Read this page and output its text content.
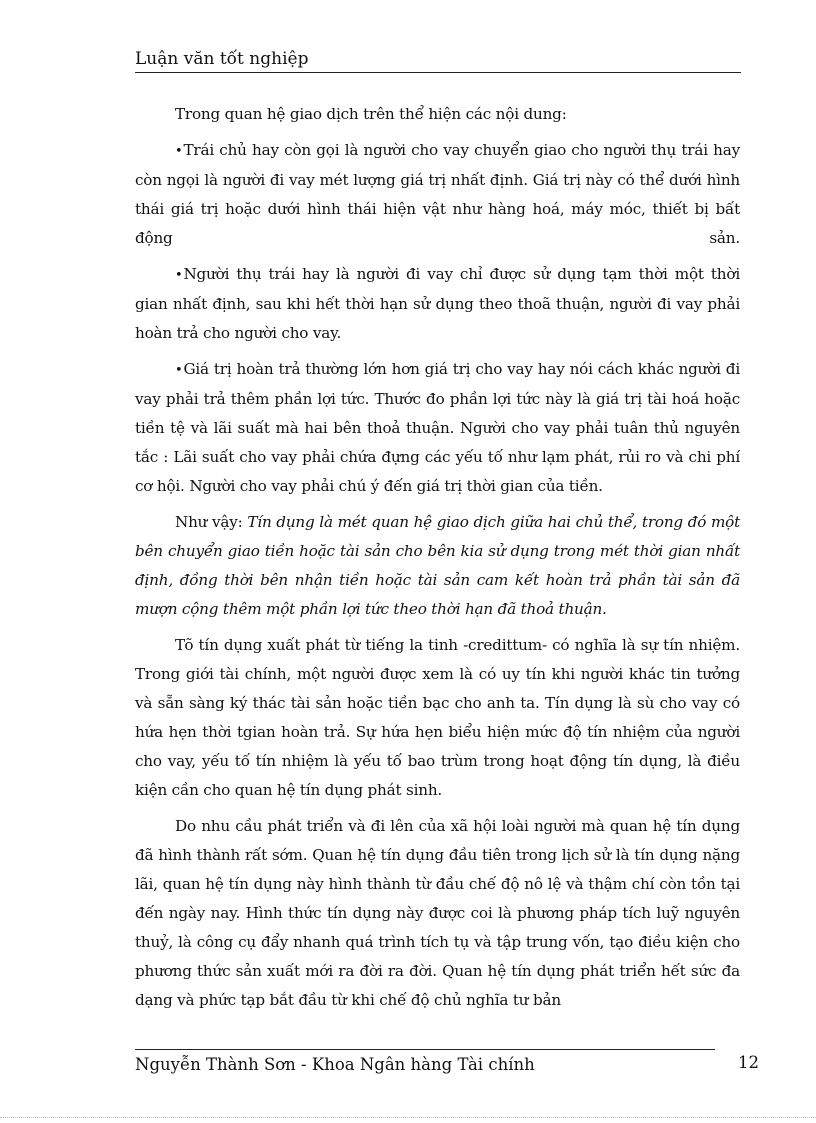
Luận văn tốt nghiệp

Trong quan hệ giao dịch trên thể hiện các nội dung:

•Trái chủ hay còn gọi là người cho vay chuyển giao cho người thụ trái hay còn ngọi là người đi vay mét lượng giá trị nhất định. Giá trị này có thể dưới hình thái giá trị hoặc dưới hình thái hiện vật như hàng hoá, máy móc, thiết bị bất động sản.

•Người thụ trái hay là người đi vay chỉ được sử dụng tạm thời một thời gian nhất định, sau khi hết thời hạn sử dụng theo thoã thuận, người đi vay phải hoàn trả cho người cho vay.

•Giá trị hoàn trả thường lớn hơn giá trị cho vay hay nói cách khác người đi vay phải trả thêm phần lợi tức. Thước đo phần lợi tức này là giá trị tài hoá hoặc tiền tệ và lãi suất mà hai bên thoả thuận. Người cho vay phải tuân thủ nguyên tắc : Lãi suất cho vay phải chứa đựng các yếu tố như lạm phát, rủi ro và chi phí cơ hội. Người cho vay phải chú ý đến giá trị thời gian của tiền.

Như vậy: Tín dụng là mét quan hệ giao dịch giữa hai chủ thể, trong đó một bên chuyển giao tiền hoặc tài sản cho bên kia sử dụng trong mét thời gian nhất định, đồng thời bên nhận tiền hoặc tài sản cam kết hoàn trả phần tài sản đã mượn cộng thêm một phần lợi tức theo thời hạn đã thoả thuận.

Tõ tín dụng xuất phát từ tiếng la tinh -credittum- có nghĩa là sự tín nhiệm. Trong giới tài chính, một người được xem là có uy tín khi người khác tin tưởng và sẵn sàng ký thác tài sản hoặc tiền bạc cho anh ta. Tín dụng là sù cho vay có hứa hẹn thời tgian hoàn trả. Sự hứa hẹn biểu hiện mức độ tín nhiệm của người cho vay, yếu tố tín nhiệm là yếu tố bao trùm trong hoạt động tín dụng, là điều kiện cần cho quan hệ tín dụng phát sinh.

Do nhu cầu phát triển và đi lên của xã hội loài người mà quan hệ tín dụng đã hình thành rất sớm. Quan hệ tín dụng đầu tiên trong lịch sử là tín dụng nặng lãi, quan hệ tín dụng này hình thành từ đầu chế độ nô lệ và thậm chí còn tồn tại đến ngày nay. Hình thức tín dụng này được coi là phương pháp tích luỹ nguyên thuỷ, là công cụ đẩy nhanh quá trình tích tụ và tập trung vốn, tạo điều kiện cho phương thức sản xuất mới ra đời ra đời. Quan hệ tín dụng phát triển hết sức đa dạng và phức tạp bắt đầu từ khi chế độ chủ nghĩa tư bản

Nguyễn Thành Sơn - Khoa Ngân hàng Tài chính	12
